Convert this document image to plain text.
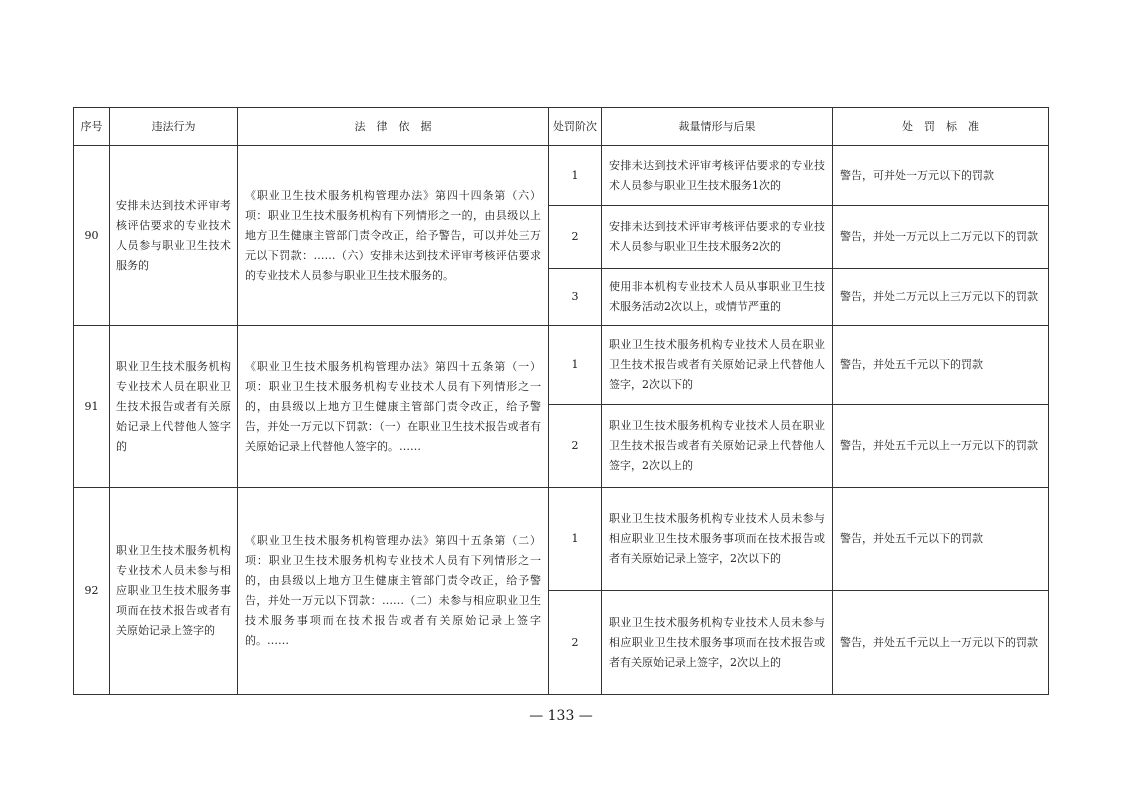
序号	违法行为	法　律　依　据	处罚阶次	裁量情形与后果	处　罚　标　准
90	安排未达到技术评审考核评估要求的专业技术人员参与职业卫生技术服务的	《职业卫生技术服务机构管理办法》第四十四条第（六）项：职业卫生技术服务机构有下列情形之一的，由县级以上地方卫生健康主管部门责令改正，给予警告，可以并处三万元以下罚款：……（六）安排未达到技术评审考核评估要求的专业技术人员参与职业卫生技术服务的。	1	安排未达到技术评审考核评估要求的专业技术人员参与职业卫生技术服务1次的	警告，可并处一万元以下的罚款
			2	安排未达到技术评审考核评估要求的专业技术人员参与职业卫生技术服务2次的	警告，并处一万元以上二万元以下的罚款
			3	使用非本机构专业技术人员从事职业卫生技术服务活动2次以上，或情节严重的	警告，并处二万元以上三万元以下的罚款
91	职业卫生技术服务机构专业技术人员在职业卫生技术报告或者有关原始记录上代替他人签字的	《职业卫生技术服务机构管理办法》第四十五条第（一）项：职业卫生技术服务机构专业技术人员有下列情形之一的，由县级以上地方卫生健康主管部门责令改正，给予警告，并处一万元以下罚款：（一）在职业卫生技术报告或者有关原始记录上代替他人签字的。……	1	职业卫生技术服务机构专业技术人员在职业卫生技术报告或者有关原始记录上代替他人签字，2次以下的	警告，并处五千元以下的罚款
			2	职业卫生技术服务机构专业技术人员在职业卫生技术报告或者有关原始记录上代替他人签字，2次以上的	警告，并处五千元以上一万元以下的罚款
92	职业卫生技术服务机构专业技术人员未参与相应职业卫生技术服务事项而在技术报告或者有关原始记录上签字的	《职业卫生技术服务机构管理办法》第四十五条第（二）项：职业卫生技术服务机构专业技术人员有下列情形之一的，由县级以上地方卫生健康主管部门责令改正，给予警告，并处一万元以下罚款：……（二）未参与相应职业卫生技术服务事项而在技术报告或者有关原始记录上签字的。……	1	职业卫生技术服务机构专业技术人员未参与相应职业卫生技术服务事项而在技术报告或者有关原始记录上签字，2次以下的	警告，并处五千元以下的罚款
			2	职业卫生技术服务机构专业技术人员未参与相应职业卫生技术服务事项而在技术报告或者有关原始记录上签字，2次以上的	警告，并处五千元以上一万元以下的罚款
— 133 —
